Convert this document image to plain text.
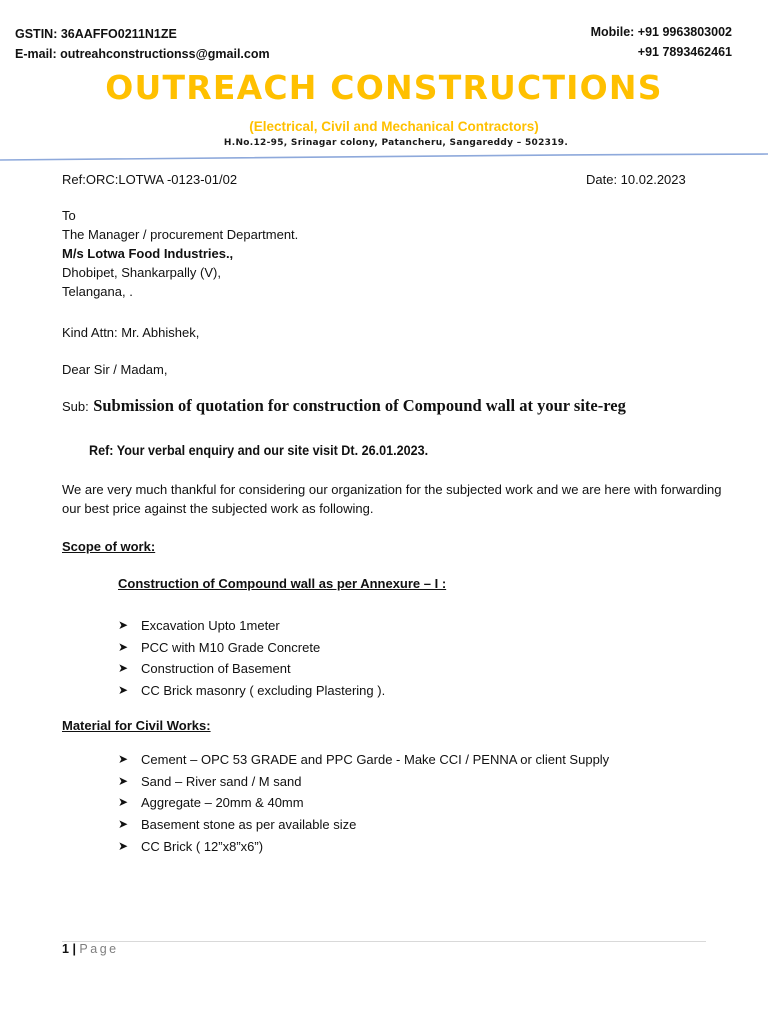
GSTIN: 36AAFFO0211N1ZE
E-mail: outreahconstructionss@gmail.com
Mobile: +91 9963803002
+91 7893462461
OUTREACH CONSTRUCTIONS
(Electrical, Civil and Mechanical Contractors)
H.No.12-95, Srinagar colony, Patancheru, Sangareddy – 502319.
Ref:ORC:LOTWA -0123-01/02	Date: 10.02.2023
To
The Manager / procurement Department.
M/s Lotwa Food Industries.,
Dhobipet, Shankarpally (V),
Telangana, .
Kind Attn: Mr. Abhishek,
Dear Sir / Madam,
Sub: Submission of quotation for construction of Compound wall at your site-reg
Ref: Your verbal enquiry and our site visit Dt. 26.01.2023.
We are very much thankful for considering our organization for the subjected work and we are here with forwarding our best price against the subjected work as following.
Scope of work:
Construction of Compound wall as per Annexure – I :
➤ Excavation Upto 1meter
➤ PCC with M10 Grade Concrete
➤ Construction of Basement
➤ CC Brick masonry ( excluding Plastering ).
Material for Civil Works:
➤ Cement – OPC 53 GRADE and PPC Garde - Make CCI / PENNA or client Supply
➤ Sand – River sand / M sand
➤ Aggregate – 20mm & 40mm
➤ Basement stone as per available size
➤ CC Brick ( 12”x8”x6”)
1 | Page
